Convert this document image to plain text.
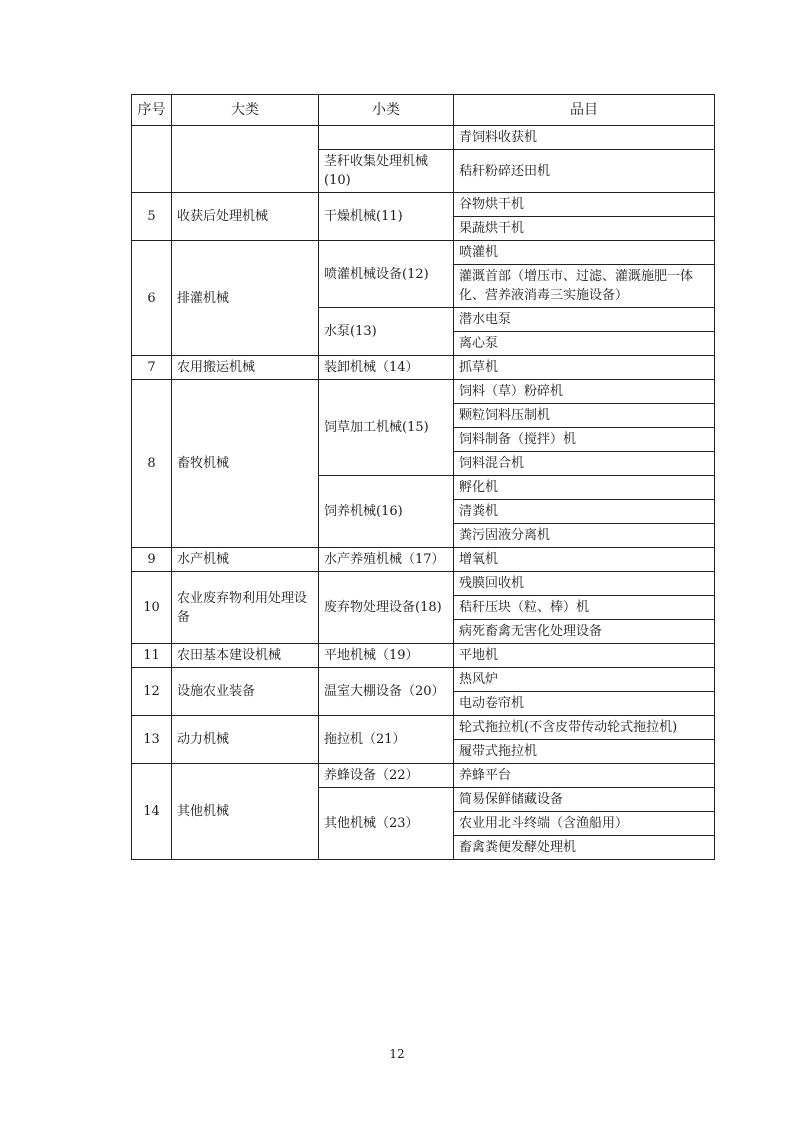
序号	大类	小类	品目
			青饲料收获机
		茎秆收集处理机械(10)	秸秆粉碎还田机
5	收获后处理机械	干燥机械(11)	谷物烘干机
			果蔬烘干机
6	排灌机械	喷灌机械设备(12)	喷灌机
			灌溉首部（增压市、过滤、灌溉施肥一体化、营养液消毒三实施设备）
		水泵(13)	潜水电泵
			离心泵
7	农用搬运机械	装卸机械（14）	抓草机
8	畜牧机械	饲草加工机械(15)	饲料（草）粉碎机
			颗粒饲料压制机
			饲料制备（搅拌）机
			饲料混合机
		饲养机械(16)	孵化机
			清粪机
			粪污固液分离机
9	水产机械	水产养殖机械（17）	增氧机
10	农业废弃物利用处理设备	废弃物处理设备(18)	残膜回收机
			秸秆压块（粒、棒）机
			病死畜禽无害化处理设备
11	农田基本建设机械	平地机械（19）	平地机
12	设施农业装备	温室大棚设备（20）	热风炉
			电动卷帘机
13	动力机械	拖拉机（21）	轮式拖拉机(不含皮带传动轮式拖拉机)
			履带式拖拉机
14	其他机械	养蜂设备（22）	养蜂平台
		其他机械（23）	简易保鲜储藏设备
			农业用北斗终端（含渔船用）
			畜禽粪便发酵处理机
12
